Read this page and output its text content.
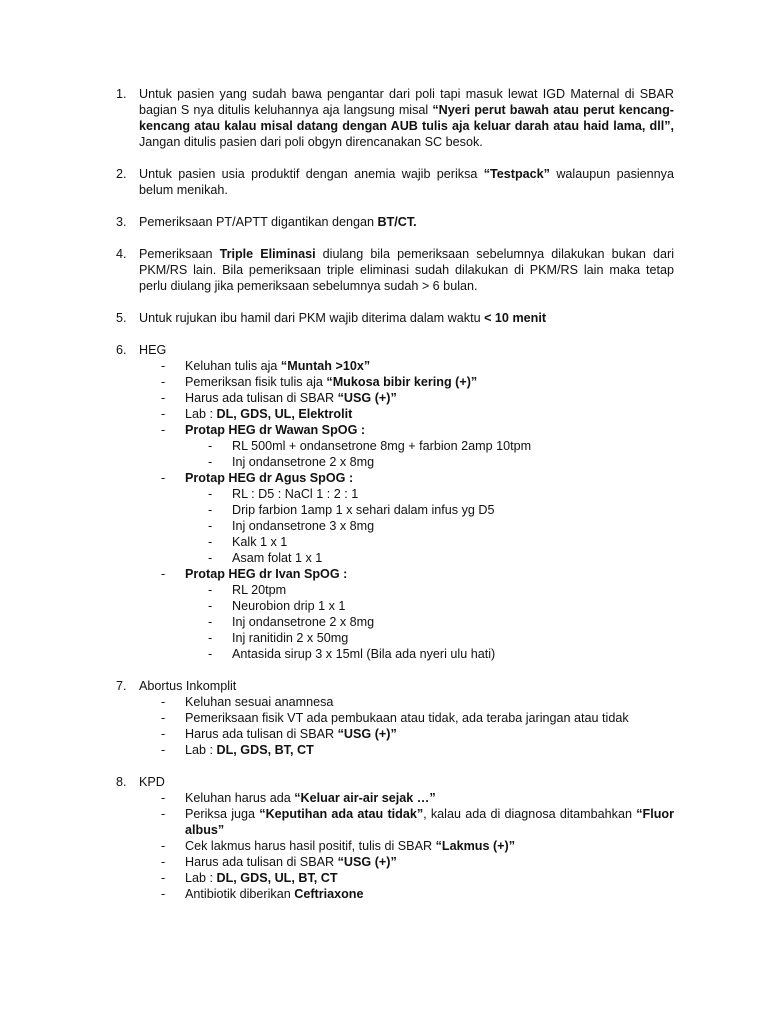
1. Untuk pasien yang sudah bawa pengantar dari poli tapi masuk lewat IGD Maternal di SBAR bagian S nya ditulis keluhannya aja langsung misal “Nyeri perut bawah atau perut kencang-kencang atau kalau misal datang dengan AUB tulis aja keluar darah atau haid lama, dll”, Jangan ditulis pasien dari poli obgyn direncanakan SC besok.
2. Untuk pasien usia produktif dengan anemia wajib periksa “Testpack” walaupun pasiennya belum menikah.
3. Pemeriksaan PT/APTT digantikan dengan BT/CT.
4. Pemeriksaan Triple Eliminasi diulang bila pemeriksaan sebelumnya dilakukan bukan dari PKM/RS lain. Bila pemeriksaan triple eliminasi sudah dilakukan di PKM/RS lain maka tetap perlu diulang jika pemeriksaan sebelumnya sudah > 6 bulan.
5. Untuk rujukan ibu hamil dari PKM wajib diterima dalam waktu < 10 menit
6. HEG
- Keluhan tulis aja “Muntah >10x”
- Pemeriksan fisik tulis aja “Mukosa bibir kering (+)”
- Harus ada tulisan di SBAR “USG (+)”
- Lab : DL, GDS, UL, Elektrolit
- Protap HEG dr Wawan SpOG :
- RL 500ml + ondansetrone 8mg + farbion 2amp 10tpm
- Inj ondansetrone 2 x 8mg
- Protap HEG dr Agus SpOG :
- RL : D5 : NaCl 1 : 2 : 1
- Drip farbion 1amp 1 x sehari dalam infus yg D5
- Inj ondansetrone 3 x 8mg
- Kalk 1 x 1
- Asam folat 1 x 1
- Protap HEG dr Ivan SpOG :
- RL 20tpm
- Neurobion drip 1 x 1
- Inj ondansetrone 2 x 8mg
- Inj ranitidin 2 x 50mg
- Antasida sirup 3 x 15ml (Bila ada nyeri ulu hati)
7. Abortus Inkomplit
- Keluhan sesuai anamnesa
- Pemeriksaan fisik VT ada pembukaan atau tidak, ada teraba jaringan atau tidak
- Harus ada tulisan di SBAR “USG (+)”
- Lab : DL, GDS, BT, CT
8. KPD
- Keluhan harus ada “Keluar air-air sejak …”
- Periksa juga “Keputihan ada atau tidak”, kalau ada di diagnosa ditambahkan “Fluor albus”
- Cek lakmus harus hasil positif, tulis di SBAR “Lakmus (+)”
- Harus ada tulisan di SBAR “USG (+)”
- Lab : DL, GDS, UL, BT, CT
- Antibiotik diberikan Ceftriaxone
